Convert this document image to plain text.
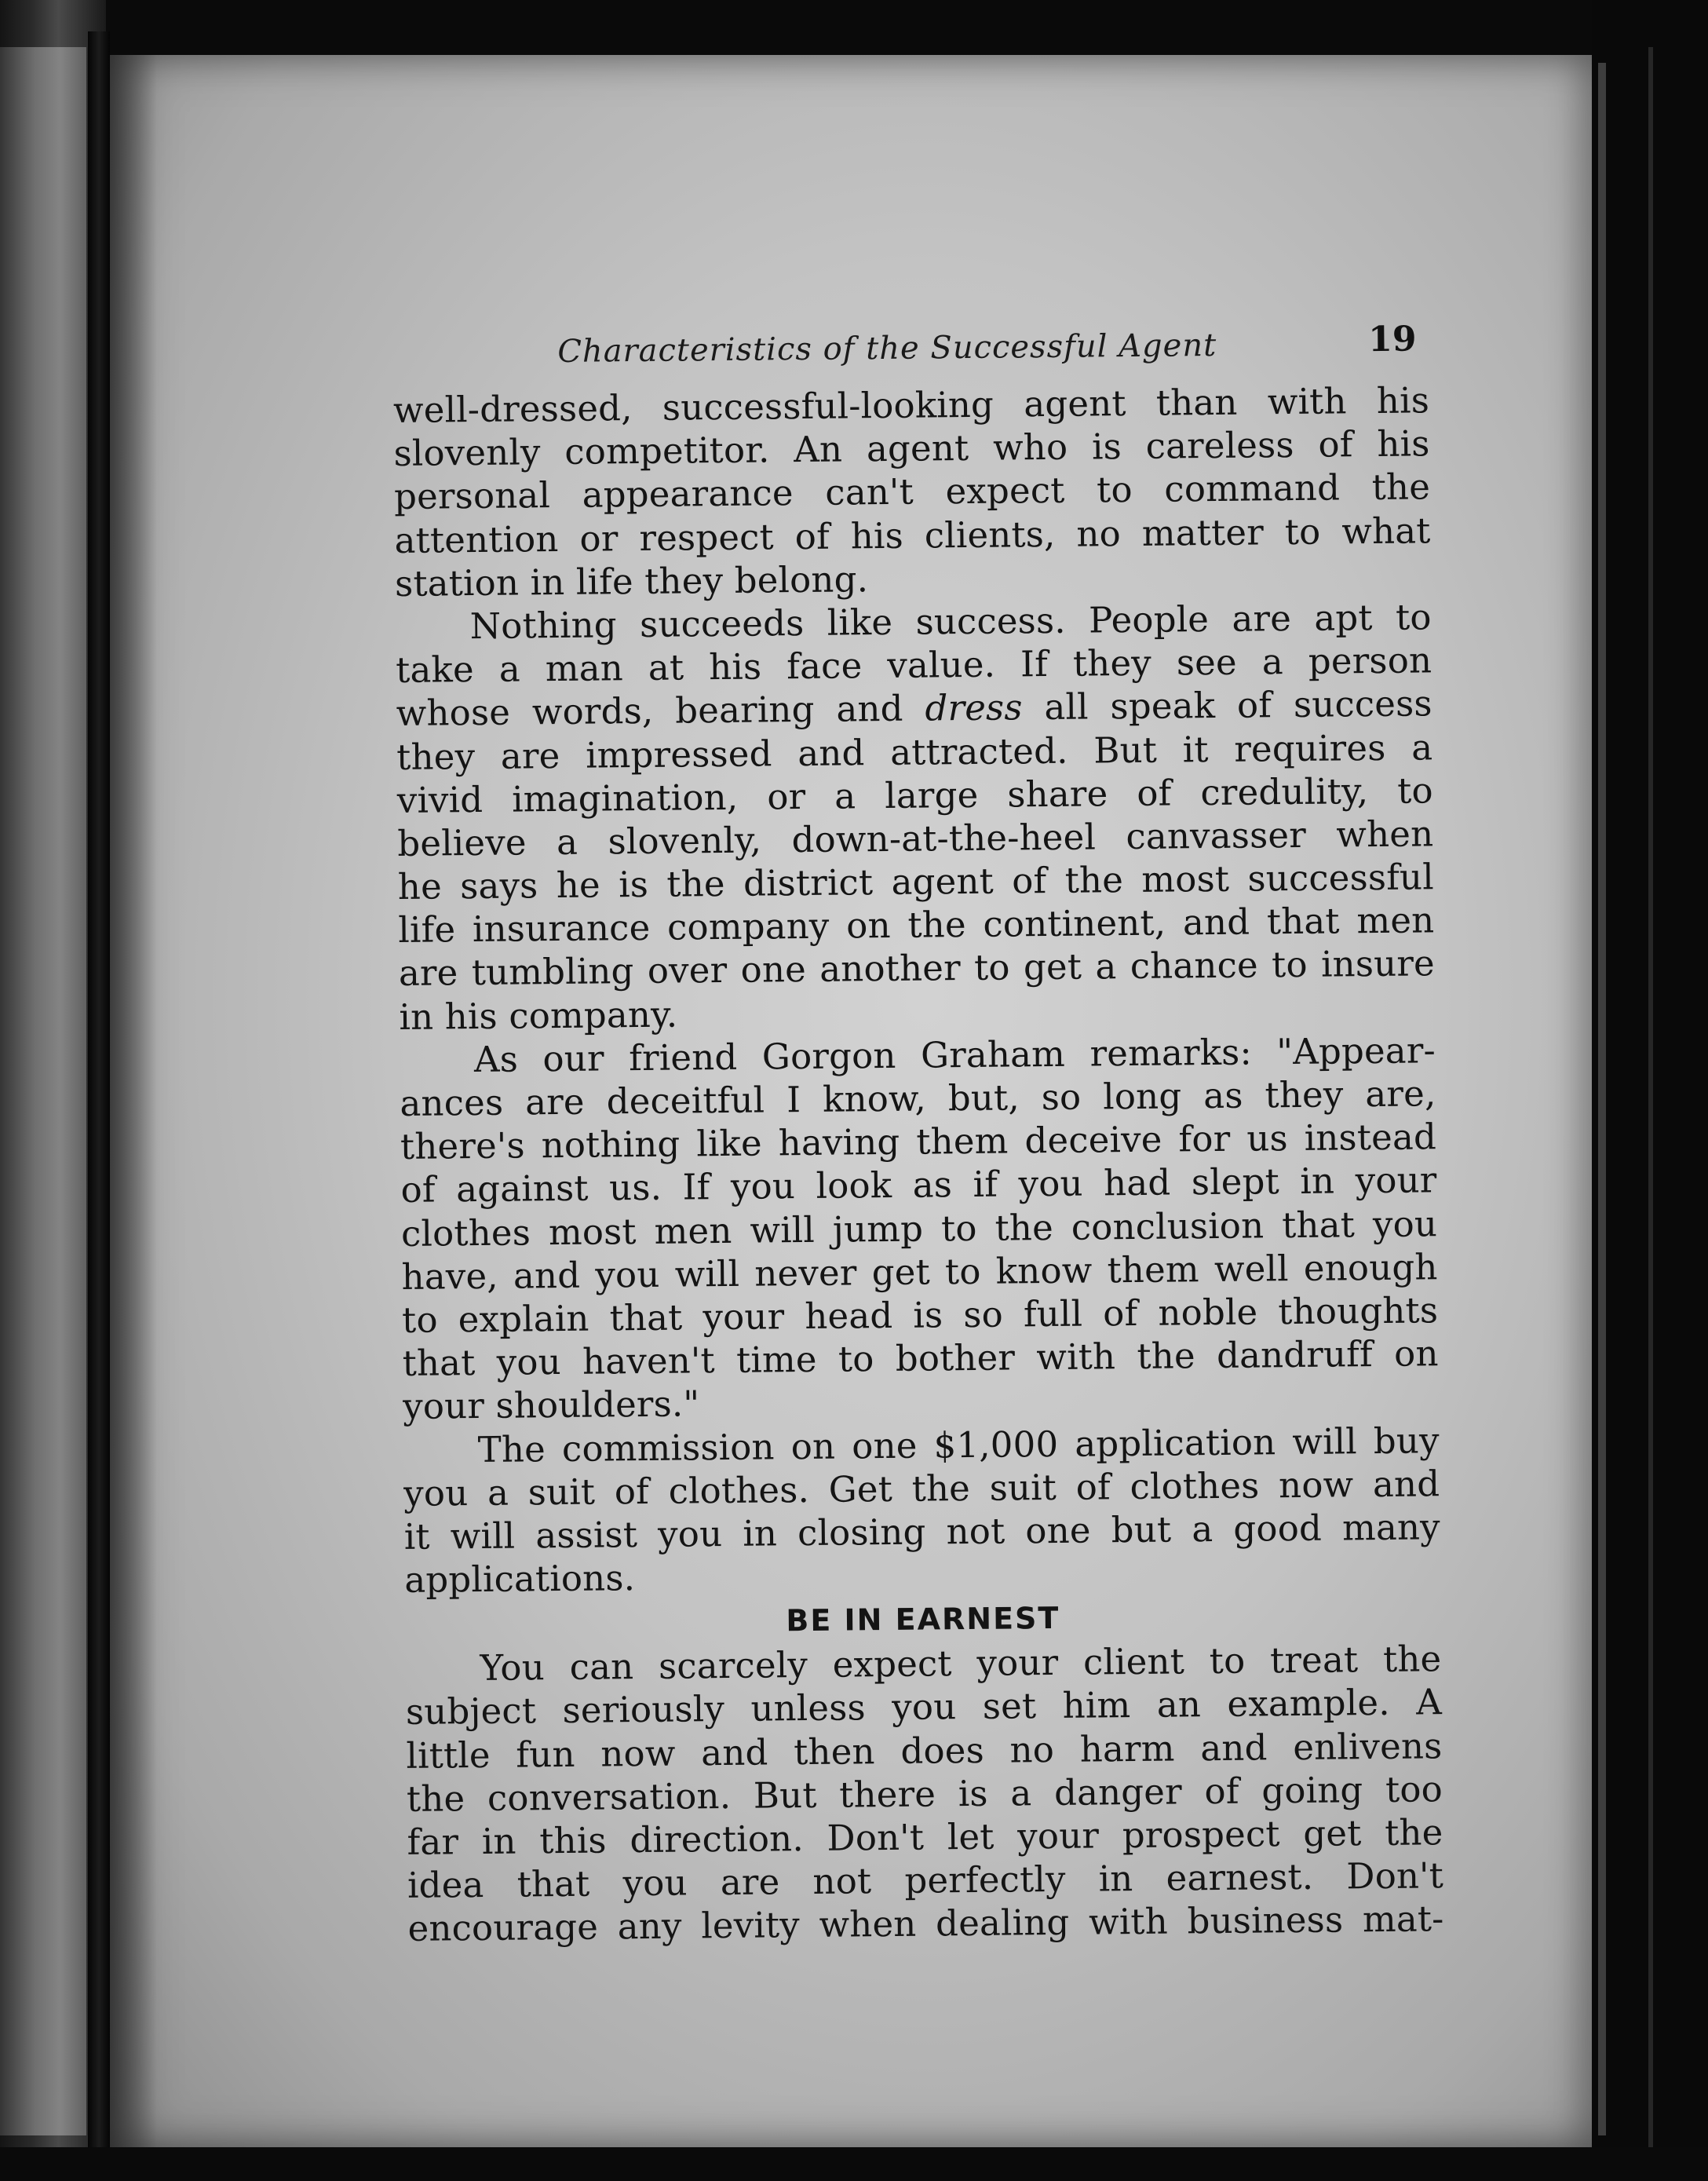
Characteristics of the Successful Agent	19
well-dressed, successful-looking agent than with his
slovenly competitor. An agent who is careless of his
personal appearance can't expect to command the
attention or respect of his clients, no matter to what
station in life they belong.
Nothing succeeds like success. People are apt to
take a man at his face value. If they see a person
whose words, bearing and dress all speak of success
they are impressed and attracted. But it requires a
vivid imagination, or a large share of credulity, to
believe a slovenly, down-at-the-heel canvasser when
he says he is the district agent of the most successful
life insurance company on the continent, and that men
are tumbling over one another to get a chance to insure
in his company.
As our friend Gorgon Graham remarks: "Appear-
ances are deceitful I know, but, so long as they are,
there's nothing like having them deceive for us instead
of against us. If you look as if you had slept in your
clothes most men will jump to the conclusion that you
have, and you will never get to know them well enough
to explain that your head is so full of noble thoughts
that you haven't time to bother with the dandruff on
your shoulders."
The commission on one $1,000 application will buy
you a suit of clothes. Get the suit of clothes now and
it will assist you in closing not one but a good many
applications.
BE IN EARNEST
You can scarcely expect your client to treat the
subject seriously unless you set him an example. A
little fun now and then does no harm and enlivens
the conversation. But there is a danger of going too
far in this direction. Don't let your prospect get the
idea that you are not perfectly in earnest. Don't
encourage any levity when dealing with business mat-
